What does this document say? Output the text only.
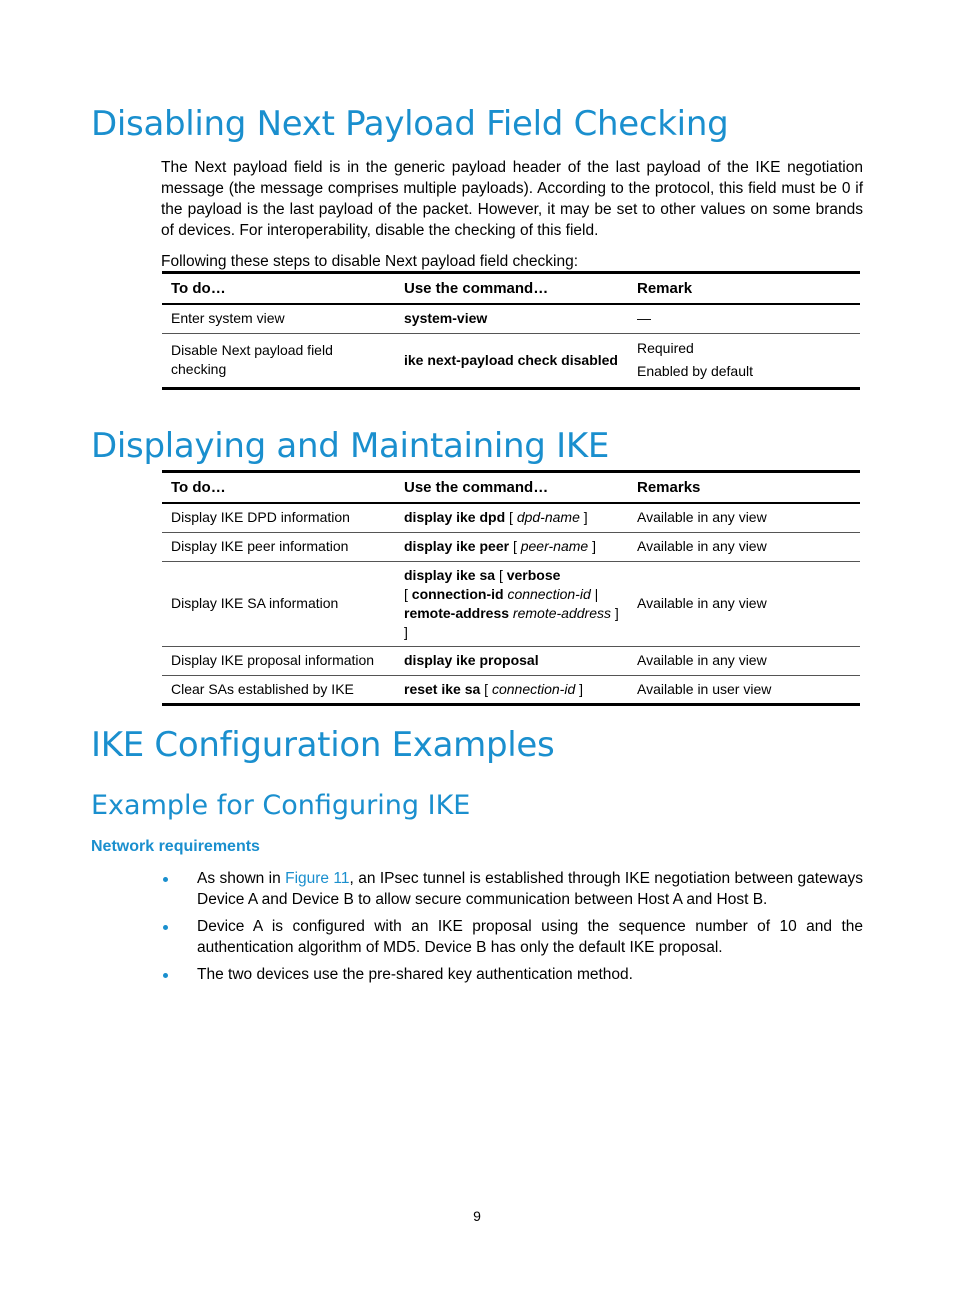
Disabling Next Payload Field Checking

The Next payload field is in the generic payload header of the last payload of the IKE negotiation message (the message comprises multiple payloads). According to the protocol, this field must be 0 if the payload is the last payload of the packet. However, it may be set to other values on some brands of devices. For interoperability, disable the checking of this field.

Following these steps to disable Next payload field checking:

To do…	Use the command…	Remark
Enter system view	system-view	—
Disable Next payload field checking	ike next-payload check disabled	Required
Enabled by default
Displaying and Maintaining IKE
To do…	Use the command…	Remarks
Display IKE DPD information	display ike dpd [ dpd-name ]	Available in any view
Display IKE peer information	display ike peer [ peer-name ]	Available in any view
Display IKE SA information	display ike sa [ verbose
[ connection-id connection-id |
remote-address remote-address ] ]	Available in any view
Display IKE proposal information	display ike proposal	Available in any view
Clear SAs established by IKE	reset ike sa [ connection-id ]	Available in user view
IKE Configuration Examples
Example for Configuring IKE
Network requirements
As shown in Figure 11, an IPsec tunnel is established through IKE negotiation between gateways Device A and Device B to allow secure communication between Host A and Host B.
Device A is configured with an IKE proposal using the sequence number of 10 and the authentication algorithm of MD5. Device B has only the default IKE proposal.
The two devices use the pre-shared key authentication method.
9
